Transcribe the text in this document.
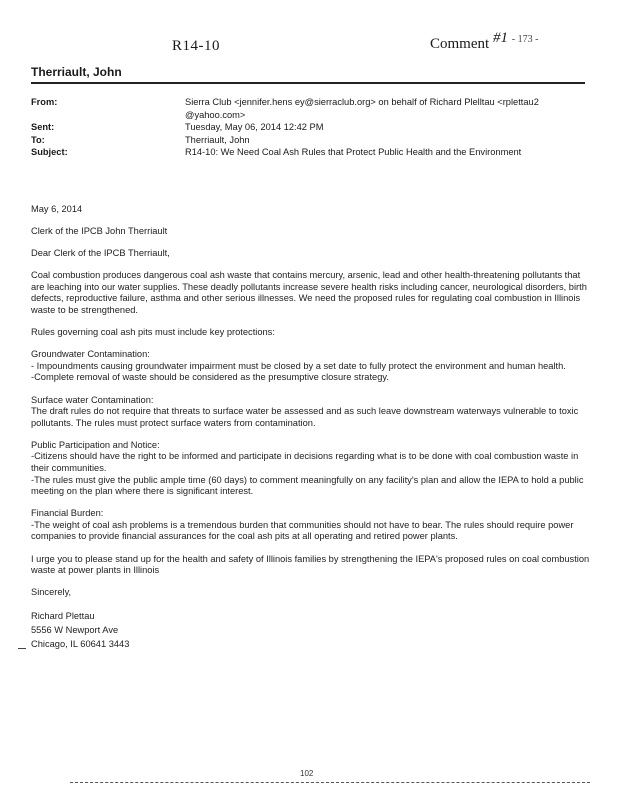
R14-10	Comment #1 - 173 -
Therriault, John
From:	Sierra Club <jennifer.hens ey@sierraclub.org> on behalf of Richard Plelltau <rplettau2 @yahoo.com>
Sent:	Tuesday, May 06, 2014 12:42 PM
To:	Therriault, John
Subject:	R14-10: We Need Coal Ash Rules that Protect Public Health and the Environment

May 6, 2014

Clerk of the IPCB John Therriault

Dear Clerk of the IPCB Therriault,

Coal combustion produces dangerous coal ash waste that contains mercury, arsenic, lead and other health-threatening pollutants that are leaching into our water supplies. These deadly pollutants increase severe health risks including cancer, neurological disorders, birth defects, reproductive failure, asthma and other serious illnesses. We need the proposed rules for regulating coal combustion in Illinois waste to be strengthened.

Rules governing coal ash pits must include key protections:

Groundwater Contamination:
- Impoundments causing groundwater impairment must be closed by a set date to fully protect the environment and human health.
-Complete removal of waste should be considered as the presumptive closure strategy.

Surface water Contamination:
The draft rules do not require that threats to surface water be assessed and as such leave downstream waterways vulnerable to toxic pollutants. The rules must protect surface waters from contamination.

Public Participation and Notice:
-Citizens should have the right to be informed and participate in decisions regarding what is to be done with coal combustion waste in their communities.
-The rules must give the public ample time (60 days) to comment meaningfully on any facility's plan and allow the IEPA to hold a public meeting on the plan where there is significant interest.

Financial Burden:
-The weight of coal ash problems is a tremendous burden that communities should not have to bear. The rules should require power companies to provide financial assurances for the coal ash pits at all operating and retired power plants.

I urge you to please stand up for the health and safety of Illinois families by strengthening the IEPA's proposed rules on coal combustion waste at power plants in Illinois

Sincerely,

Richard Plettau
5556 W Newport Ave
Chicago, IL 60641 3443
102
